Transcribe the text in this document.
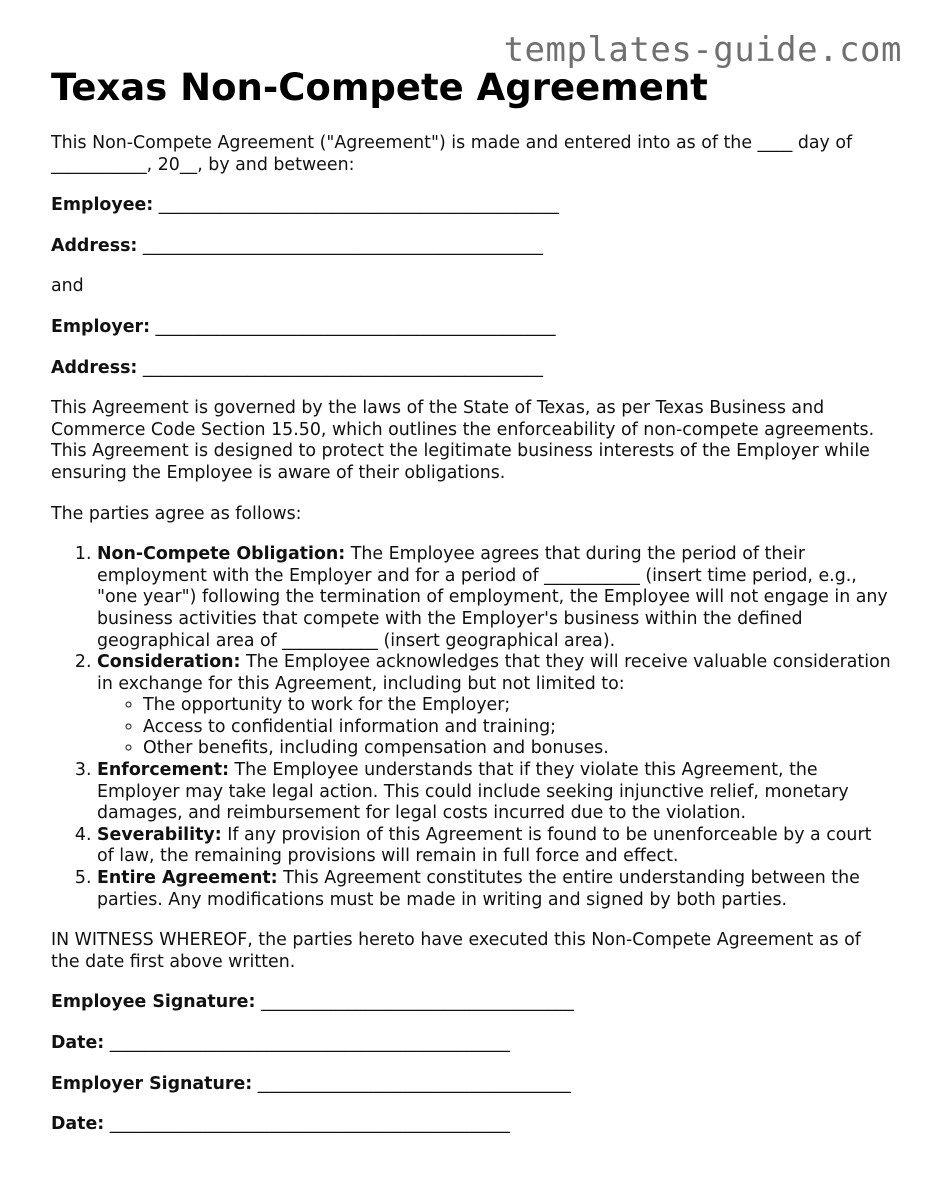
templates-guide.com
Texas Non-Compete Agreement

This Non-Compete Agreement ("Agreement") is made and entered into as of the ____ day of ___________, 20__, by and between:

Employee: ______________________________________________

Address: ______________________________________________

and

Employer: ______________________________________________

Address: ______________________________________________

This Agreement is governed by the laws of the State of Texas, as per Texas Business and Commerce Code Section 15.50, which outlines the enforceability of non-compete agreements. This Agreement is designed to protect the legitimate business interests of the Employer while ensuring the Employee is aware of their obligations.

The parties agree as follows:

1. Non-Compete Obligation: The Employee agrees that during the period of their employment with the Employer and for a period of ___________ (insert time period, e.g., "one year") following the termination of employment, the Employee will not engage in any business activities that compete with the Employer's business within the defined geographical area of ___________ (insert geographical area).
2. Consideration: The Employee acknowledges that they will receive valuable consideration in exchange for this Agreement, including but not limited to:
◦ The opportunity to work for the Employer;
◦ Access to confidential information and training;
◦ Other benefits, including compensation and bonuses.
3. Enforcement: The Employee understands that if they violate this Agreement, the Employer may take legal action. This could include seeking injunctive relief, monetary damages, and reimbursement for legal costs incurred due to the violation.
4. Severability: If any provision of this Agreement is found to be unenforceable by a court of law, the remaining provisions will remain in full force and effect.
5. Entire Agreement: This Agreement constitutes the entire understanding between the parties. Any modifications must be made in writing and signed by both parties.

IN WITNESS WHEREOF, the parties hereto have executed this Non-Compete Agreement as of the date first above written.

Employee Signature: ____________________________________

Date: ______________________________________________

Employer Signature: ____________________________________

Date: ______________________________________________
